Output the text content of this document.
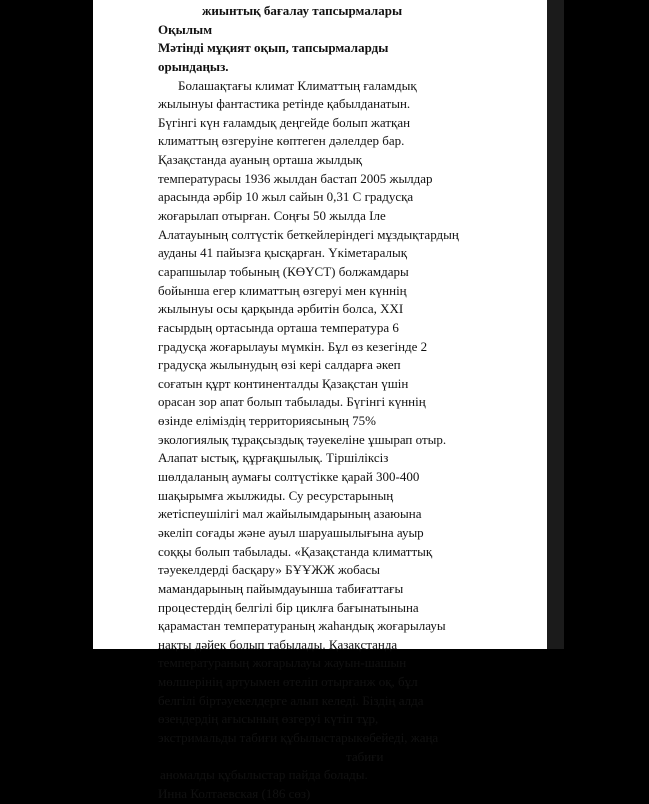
жиынтық бағалау тапсырмалары
Оқылым
Мәтінді мұқият оқып, тапсырмаларды
орындаңыз.
Болашақтағы климат Климаттың ғаламдық
жылынуы фантастика ретінде қабылданатын.
Бүгінгі күн ғаламдық деңгейде болып жатқан
климаттың өзгеруіне көптеген дәлелдер бар.
Қазақстанда ауаның орташа жылдық
температурасы 1936 жылдан бастап 2005 жылдар
арасында әрбір 10 жыл сайын 0,31 С градусқа
жоғарылап отырған. Соңғы 50 жылда Іле
Алатауының солтүстік беткейлеріндегі мұздықтардың
ауданы 41 пайызға қысқарған. Үкіметаралық
сарапшылар тобының (КӨҮСТ) болжамдары
бойынша егер климаттың өзгеруі мен күннің
жылынуы осы қарқында әрбитін болса, XXI
ғасырдың ортасында орташа температура 6
градусқа жоғарылауы мүмкін. Бұл өз кезегінде 2
градусқа жылынудың өзі кері салдарға әкеп
соғатын құрт континенталды Қазақстан үшін
орасан зор апат болып табылады. Бүгінгі күннің
өзінде еліміздің территориясының 75%
экологиялық тұрақсыздық тәуекеліне ұшырап отыр.
Алапат ыстық, құрғақшылық. Тіршіліксіз
шөлдаланың аумағы солтүстікке қарай 300-400
шақырымға жылжиды. Су ресурстарының
жетіспеушілігі мал жайылымдарының азаюына
әкеліп соғады және ауыл шаруашылығына ауыр
соққы болып табылады. «Қазақстанда климаттық
тәуекелдерді басқару» БҰҰЖЖ жобасы
мамандарының пайымдауынша табиғаттағы
процестердің белгілі бір циклға бағынатынына
қарамастан температураның жаһандық жоғарылауы
нақты дәйек болып табылады. Қазақстанда
температураның жоғарылауы жауын-шашын
мөлшерінің артуымен өтеліп отырғанж оқ, бұл
белгілі біртәуекелдерге алып келеді. Біздің алда
өзендердің ағысының өзгеруі күтіп тұр,
экстримальды табиғи құбылыстарыкөбейеді, жаңа
табиғи
аномалды құбылыстар пайда болады.
Инна Колтаевская (186 сөз)
